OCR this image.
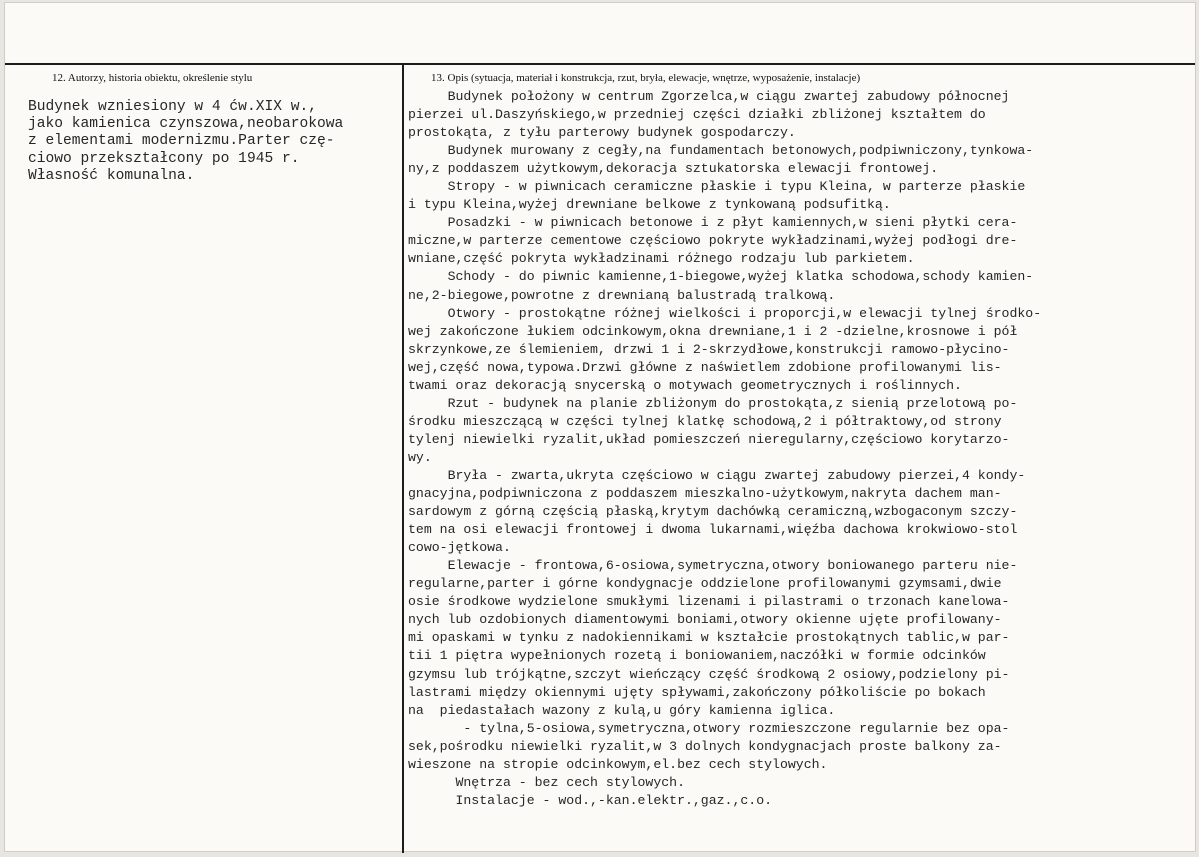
12. Autorzy, historia obiektu, określenie stylu	13. Opis (sytuacja, materiał i konstrukcja, rzut, bryła, elewacje, wnętrze, wyposażenie, instalacje)
Budynek wzniesiony w 4 ćw.XIX w.,
jako kamienica czynszowa,neobarokowa
z elementami modernizmu.Parter czę-
ciowo przekształcony po 1945 r.
Własność komunalna.
Budynek położony w centrum Zgorzelca,w ciągu zwartej zabudowy północnej
pierzei ul.Daszyńskiego,w przedniej części działki zbliżonej kształtem do
prostokąta, z tyłu parterowy budynek gospodarczy.
Budynek murowany z cegły,na fundamentach betonowych,podpiwniczony,tynkowa-
ny,z poddaszem użytkowym,dekoracja sztukatorska elewacji frontowej.
Stropy - w piwnicach ceramiczne płaskie i typu Kleina, w parterze płaskie
i typu Kleina,wyżej drewniane belkowe z tynkowaną podsufitką.
Posadzki - w piwnicach betonowe i z płyt kamiennych,w sieni płytki cera-
miczne,w parterze cementowe częściowo pokryte wykładzinami,wyżej podłogi dre-
wniane,część pokryta wykładzinami różnego rodzaju lub parkietem.
Schody - do piwnic kamienne,1-biegowe,wyżej klatka schodowa,schody kamien-
ne,2-biegowe,powrotne z drewnianą balustradą tralkową.
Otwory - prostokątne różnej wielkości i proporcji,w elewacji tylnej środko-
wej zakończone łukiem odcinkowym,okna drewniane,1 i 2 -dzielne,krosnowe i pół
skrzynkowe,ze ślemieniem, drzwi 1 i 2-skrzydłowe,konstrukcji ramowo-płycino-
wej,część nowa,typowa.Drzwi główne z naświetlem zdobione profilowanymi lis-
twami oraz dekoracją snycerską o motywach geometrycznych i roślinnych.
Rzut - budynek na planie zbliżonym do prostokąta,z sienią przelotową po-
środku mieszczącą w części tylnej klatkę schodową,2 i półtraktowy,od strony
tylenj niewielki ryzalit,układ pomieszczeń nieregularny,częściowo korytarzo-
wy.
Bryła - zwarta,ukryta częściowo w ciągu zwartej zabudowy pierzei,4 kondy-
gnacyjna,podpiwniczona z poddaszem mieszkalno-użytkowym,nakryta dachem man-
sardowym z górną częścią płaską,krytym dachówką ceramiczną,wzbogaconym szczy-
tem na osi elewacji frontowej i dwoma lukarnami,więźba dachowa krokwiowo-stol
cowo-jętkowa.
Elewacje - frontowa,6-osiowa,symetryczna,otwory boniowanego parteru nie-
regularne,parter i górne kondygnacje oddzielone profilowanymi gzymsami,dwie
osie środkowe wydzielone smukłymi lizenami i pilastrami o trzonach kanelowa-
nych lub ozdobionych diamentowymi boniami,otwory okienne ujęte profilowany-
mi opaskami w tynku z nadokiennikami w kształcie prostokątnych tablic,w par-
tii 1 piętra wypełnionych rozetą i boniowaniem,naczółki w formie odcinków
gzymsu lub trójkątne,szczyt wieńczący część środkową 2 osiowy,podzielony pi-
lastrami między okiennymi ujęty spływami,zakończony półkoliście po bokach
na  piedastałach wazony z kulą,u góry kamienna iglica.
- tylna,5-osiowa,symetryczna,otwory rozmieszczone regularnie bez opa-
sek,pośrodku niewielki ryzalit,w 3 dolnych kondygnacjach proste balkony za-
wieszone na stropie odcinkowym,el.bez cech stylowych.
Wnętrza - bez cech stylowych.
Instalacje - wod.,-kan.elektr.,gaz.,c.o.
